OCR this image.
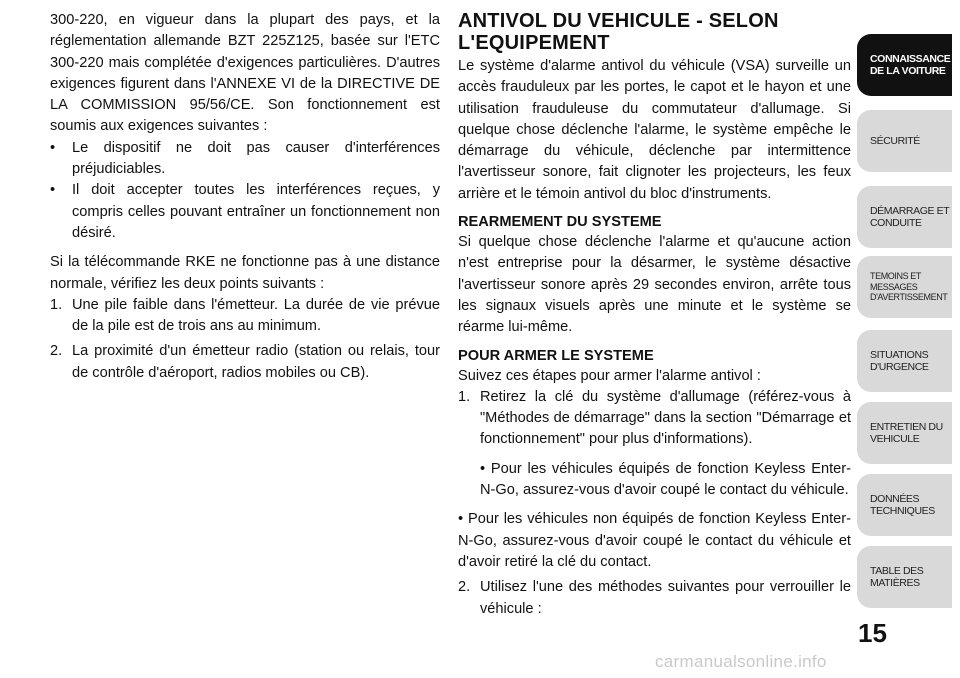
300-220, en vigueur dans la plupart des pays, et la réglementation allemande BZT 225Z125, basée sur l'ETC 300-220 mais complétée d'exigences particulières. D'autres exigences figurent dans l'ANNEXE VI de la DIRECTIVE DE LA COMMISSION 95/56/CE. Son fonctionnement est soumis aux exigences suivantes :

• Le dispositif ne doit pas causer d'interférences préjudiciables.
• Il doit accepter toutes les interférences reçues, y compris celles pouvant entraîner un fonctionnement non désiré.

Si la télécommande RKE ne fonctionne pas à une distance normale, vérifiez les deux points suivants :

1. Une pile faible dans l'émetteur. La durée de vie prévue de la pile est de trois ans au minimum.
2. La proximité d'un émetteur radio (station ou relais, tour de contrôle d'aéroport, radios mobiles ou CB).
ANTIVOL DU VEHICULE - SELON L'EQUIPEMENT

Le système d'alarme antivol du véhicule (VSA) surveille un accès frauduleux par les portes, le capot et le hayon et une utilisation frauduleuse du commutateur d'allumage. Si quelque chose déclenche l'alarme, le système empêche le démarrage du véhicule, déclenche par intermittence l'avertisseur sonore, fait clignoter les projecteurs, les feux arrière et le témoin antivol du bloc d'instruments.

REARMEMENT DU SYSTEME

Si quelque chose déclenche l'alarme et qu'aucune action n'est entreprise pour la désarmer, le système désactive l'avertisseur sonore après 29 secondes environ, arrête tous les signaux visuels après une minute et le système se réarme lui-même.

POUR ARMER LE SYSTEME

Suivez ces étapes pour armer l'alarme antivol :

1. Retirez la clé du système d'allumage (référez-vous à "Méthodes de démarrage" dans la section "Démarrage et fonctionnement" pour plus d'informations).

• Pour les véhicules équipés de fonction Keyless Enter-N-Go, assurez-vous d'avoir coupé le contact du véhicule.

• Pour les véhicules non équipés de fonction Keyless Enter-N-Go, assurez-vous d'avoir coupé le contact du véhicule et d'avoir retiré la clé du contact.

2. Utilisez l'une des méthodes suivantes pour verrouiller le véhicule :
CONNAISSANCE DE LA VOITURE
SÉCURITÉ
DÉMARRAGE ET CONDUITE
TEMOINS ET MESSAGES D'AVERTISSEMENT
SITUATIONS D'URGENCE
ENTRETIEN DU VEHICULE
DONNÉES TECHNIQUES
TABLE DES MATIÈRES
15
carmanualsonline.info
